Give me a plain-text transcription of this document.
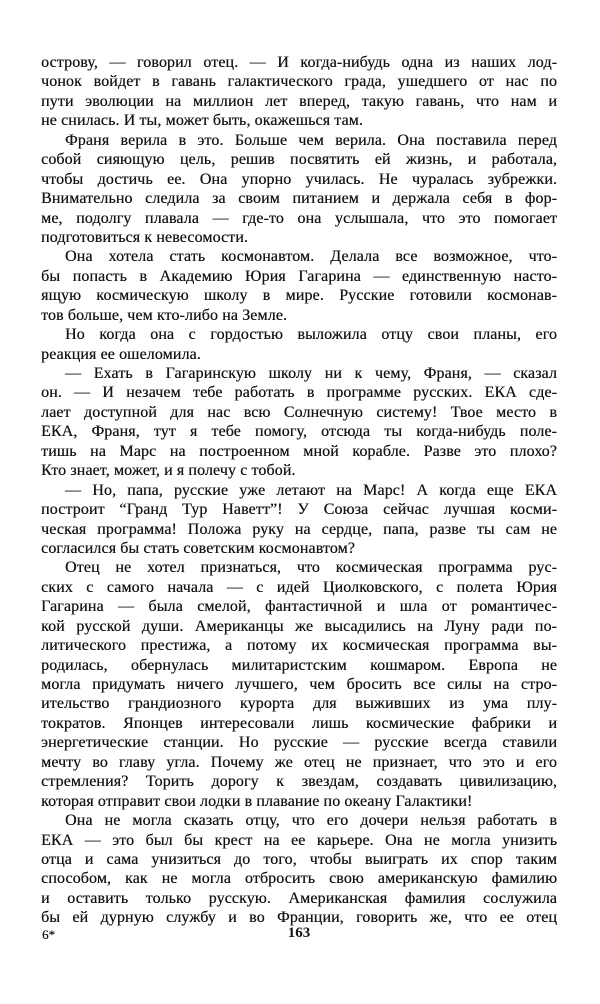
острову, — говорил отец. — И когда-нибудь одна из наших лод-
чонок войдет в гавань галактического града, ушедшего от нас по
пути эволюции на миллион лет вперед, такую гавань, что нам и
не снилась. И ты, может быть, окажешься там.
Франя верила в это. Больше чем верила. Она поставила перед
собой сияющую цель, решив посвятить ей жизнь, и работала,
чтобы достичь ее. Она упорно училась. Не чуралась зубрежки.
Внимательно следила за своим питанием и держала себя в фор-
ме, подолгу плавала — где-то она услышала, что это помогает
подготовиться к невесомости.
Она хотела стать космонавтом. Делала все возможное, что-
бы попасть в Академию Юрия Гагарина — единственную насто-
ящую космическую школу в мире. Русские готовили космонав-
тов больше, чем кто-либо на Земле.
Но когда она с гордостью выложила отцу свои планы, его
реакция ее ошеломила.
— Ехать в Гагаринскую школу ни к чему, Франя, — сказал
он. — И незачем тебе работать в программе русских. ЕКА сде-
лает доступной для нас всю Солнечную систему! Твое место в
ЕКА, Франя, тут я тебе помогу, отсюда ты когда-нибудь поле-
тишь на Марс на построенном мной корабле. Разве это плохо?
Кто знает, может, и я полечу с тобой.
— Но, папа, русские уже летают на Марс! А когда еще ЕКА
построит “Гранд Тур Наветт”! У Союза сейчас лучшая косми-
ческая программа! Положа руку на сердце, папа, разве ты сам не
согласился бы стать советским космонавтом?
Отец не хотел признаться, что космическая программа рус-
ских с самого начала — с идей Циолковского, с полета Юрия
Гагарина — была смелой, фантастичной и шла от романтичес-
кой русской души. Американцы же высадились на Луну ради по-
литического престижа, а потому их космическая программа вы-
родилась, обернулась милитаристским кошмаром. Европа не
могла придумать ничего лучшего, чем бросить все силы на стро-
ительство грандиозного курорта для выживших из ума плу-
тократов. Японцев интересовали лишь космические фабрики и
энергетические станции. Но русские — русские всегда ставили
мечту во главу угла. Почему же отец не признает, что это и его
стремления? Торить дорогу к звездам, создавать цивилизацию,
которая отправит свои лодки в плавание по океану Галактики!
Она не могла сказать отцу, что его дочери нельзя работать в
ЕКА — это был бы крест на ее карьере. Она не могла унизить
отца и сама унизиться до того, чтобы выиграть их спор таким
способом, как не могла отбросить свою американскую фамилию
и оставить только русскую. Американская фамилия сослужила
бы ей дурную службу и во Франции, говорить же, что ее отец
6*	163
